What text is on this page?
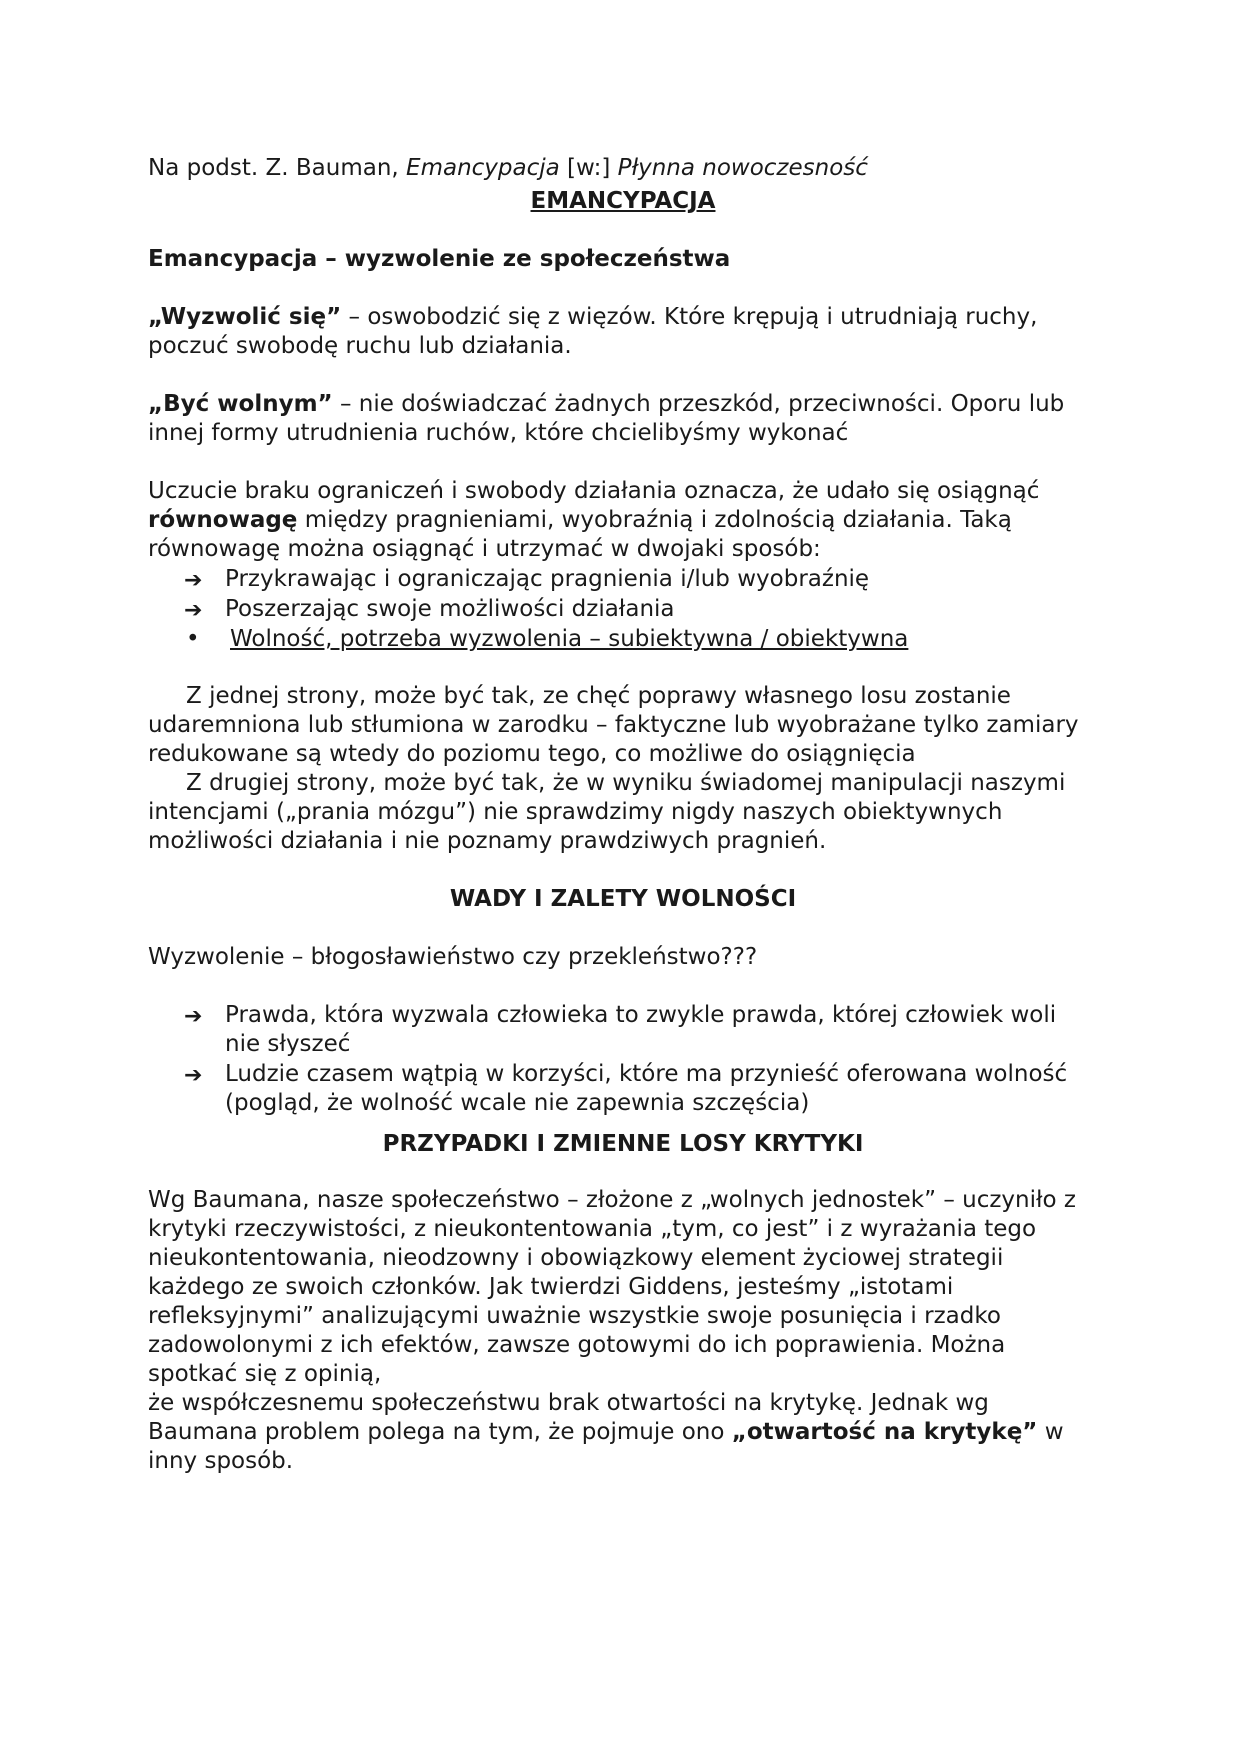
Na podst. Z. Bauman, Emancypacja [w:] Płynna nowoczesność

EMANCYPACJA

Emancypacja – wyzwolenie ze społeczeństwa

„Wyzwolić się” – oswobodzić się z więzów. Które krępują i utrudniają ruchy, poczuć swobodę ruchu lub działania.

„Być wolnym” – nie doświadczać żadnych przeszkód, przeciwności. Oporu lub innej formy utrudnienia ruchów, które chcielibyśmy wykonać

Uczucie braku ograniczeń i swobody działania oznacza, że udało się osiągnąć równowagę między pragnieniami, wyobraźnią i zdolnością działania. Taką równowagę można osiągnąć i utrzymać w dwojaki sposób:

➔ Przykrawając i ograniczając pragnienia i/lub wyobraźnię
➔ Poszerzając swoje możliwości działania

• Wolność, potrzeba wyzwolenia – subiektywna / obiektywna

Z jednej strony, może być tak, ze chęć poprawy własnego losu zostanie udaremniona lub stłumiona w zarodku – faktyczne lub wyobrażane tylko zamiary redukowane są wtedy do poziomu tego, co możliwe do osiągnięcia

Z drugiej strony, może być tak, że w wyniku świadomej manipulacji naszymi intencjami („prania mózgu”) nie sprawdzimy nigdy naszych obiektywnych możliwości działania i nie poznamy prawdziwych pragnień.

WADY I ZALETY WOLNOŚCI

Wyzwolenie – błogosławieństwo czy przekleństwo???

➔ Prawda, która wyzwala człowieka to zwykle prawda, której człowiek woli nie słyszeć
➔ Ludzie czasem wątpią w korzyści, które ma przynieść oferowana wolność (pogląd, że wolność wcale nie zapewnia szczęścia)

PRZYPADKI I ZMIENNE LOSY KRYTYKI

Wg Baumana, nasze społeczeństwo – złożone z „wolnych jednostek” – uczyniło z krytyki rzeczywistości, z nieukontentowania „tym, co jest” i z wyrażania tego nieukontentowania, nieodzowny i obowiązkowy element życiowej strategii każdego ze swoich członków. Jak twierdzi Giddens, jesteśmy „istotami refleksyjnymi” analizującymi uważnie wszystkie swoje posunięcia i rzadko zadowolonymi z ich efektów, zawsze gotowymi do ich poprawienia. Można spotkać się z opinią,

że współczesnemu społeczeństwu brak otwartości na krytykę. Jednak wg Baumana problem polega na tym, że pojmuje ono „otwartość na krytykę” w inny sposób.
